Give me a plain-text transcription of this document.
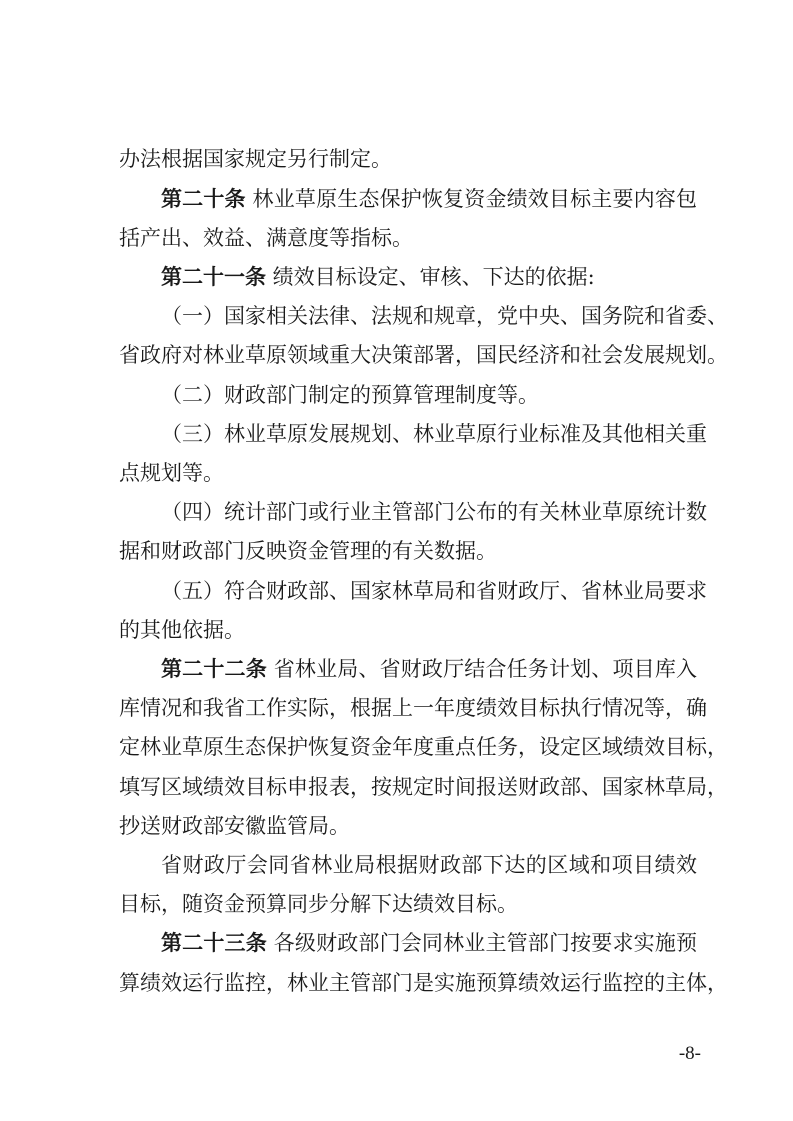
办法根据国家规定另行制定。
第二十条 林业草原生态保护恢复资金绩效目标主要内容包
括产出、效益、满意度等指标。
第二十一条 绩效目标设定、审核、下达的依据:
（一）国家相关法律、法规和规章，党中央、国务院和省委、
省政府对林业草原领域重大决策部署，国民经济和社会发展规划。
（二）财政部门制定的预算管理制度等。
（三）林业草原发展规划、林业草原行业标准及其他相关重
点规划等。
（四）统计部门或行业主管部门公布的有关林业草原统计数
据和财政部门反映资金管理的有关数据。
（五）符合财政部、国家林草局和省财政厅、省林业局要求
的其他依据。
第二十二条 省林业局、省财政厅结合任务计划、项目库入
库情况和我省工作实际，根据上一年度绩效目标执行情况等，确
定林业草原生态保护恢复资金年度重点任务，设定区域绩效目标，
填写区域绩效目标申报表，按规定时间报送财政部、国家林草局，
抄送财政部安徽监管局。
省财政厅会同省林业局根据财政部下达的区域和项目绩效
目标，随资金预算同步分解下达绩效目标。
第二十三条 各级财政部门会同林业主管部门按要求实施预
算绩效运行监控，林业主管部门是实施预算绩效运行监控的主体，
-8-
